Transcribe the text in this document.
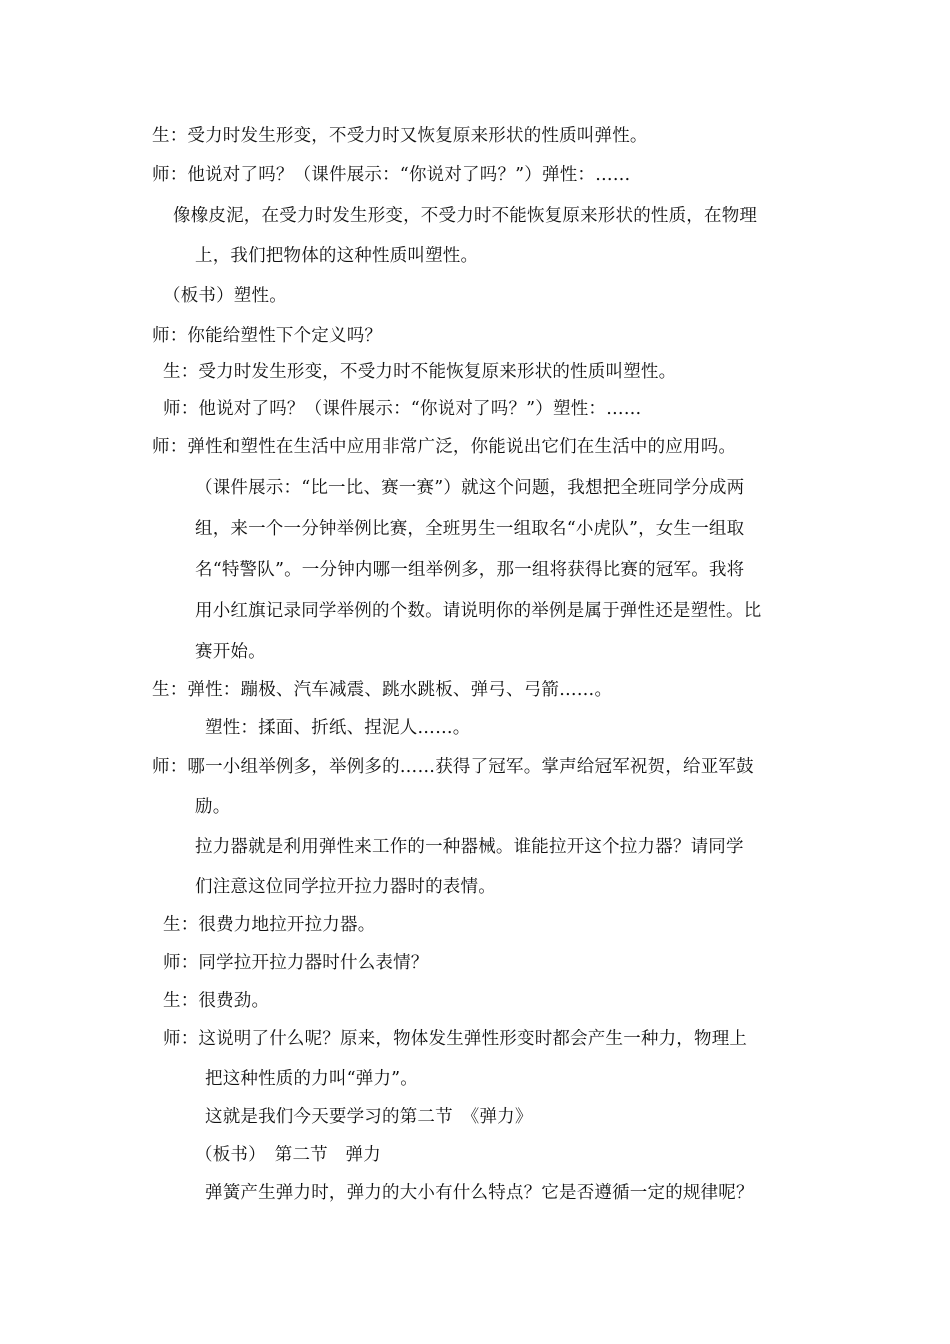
生：受力时发生形变，不受力时又恢复原来形状的性质叫弹性。
师：他说对了吗？（课件展示：“你说对了吗？”）弹性：……
像橡皮泥，在受力时发生形变，不受力时不能恢复原来形状的性质，在物理
上，我们把物体的这种性质叫塑性。
（板书）塑性。
师：你能给塑性下个定义吗？
生：受力时发生形变，不受力时不能恢复原来形状的性质叫塑性。
师：他说对了吗？（课件展示：“你说对了吗？”）塑性：……
师：弹性和塑性在生活中应用非常广泛，你能说出它们在生活中的应用吗。
（课件展示：“比一比、赛一赛”）就这个问题，我想把全班同学分成两
组，来一个一分钟举例比赛，全班男生一组取名“小虎队”，女生一组取
名“特警队”。一分钟内哪一组举例多，那一组将获得比赛的冠军。我将
用小红旗记录同学举例的个数。请说明你的举例是属于弹性还是塑性。比
赛开始。
生：弹性：蹦极、汽车减震、跳水跳板、弹弓、弓箭……。
塑性：揉面、折纸、捏泥人……。
师：哪一小组举例多，举例多的……获得了冠军。掌声给冠军祝贺，给亚军鼓
励。
拉力器就是利用弹性来工作的一种器械。谁能拉开这个拉力器？请同学
们注意这位同学拉开拉力器时的表情。
生：很费力地拉开拉力器。
师：同学拉开拉力器时什么表情？
生：很费劲。
师：这说明了什么呢？原来，物体发生弹性形变时都会产生一种力，物理上
把这种性质的力叫“弹力”。
这就是我们今天要学习的第二节　《弹力》
（板书）　第二节　弹力
弹簧产生弹力时，弹力的大小有什么特点？它是否遵循一定的规律呢？
